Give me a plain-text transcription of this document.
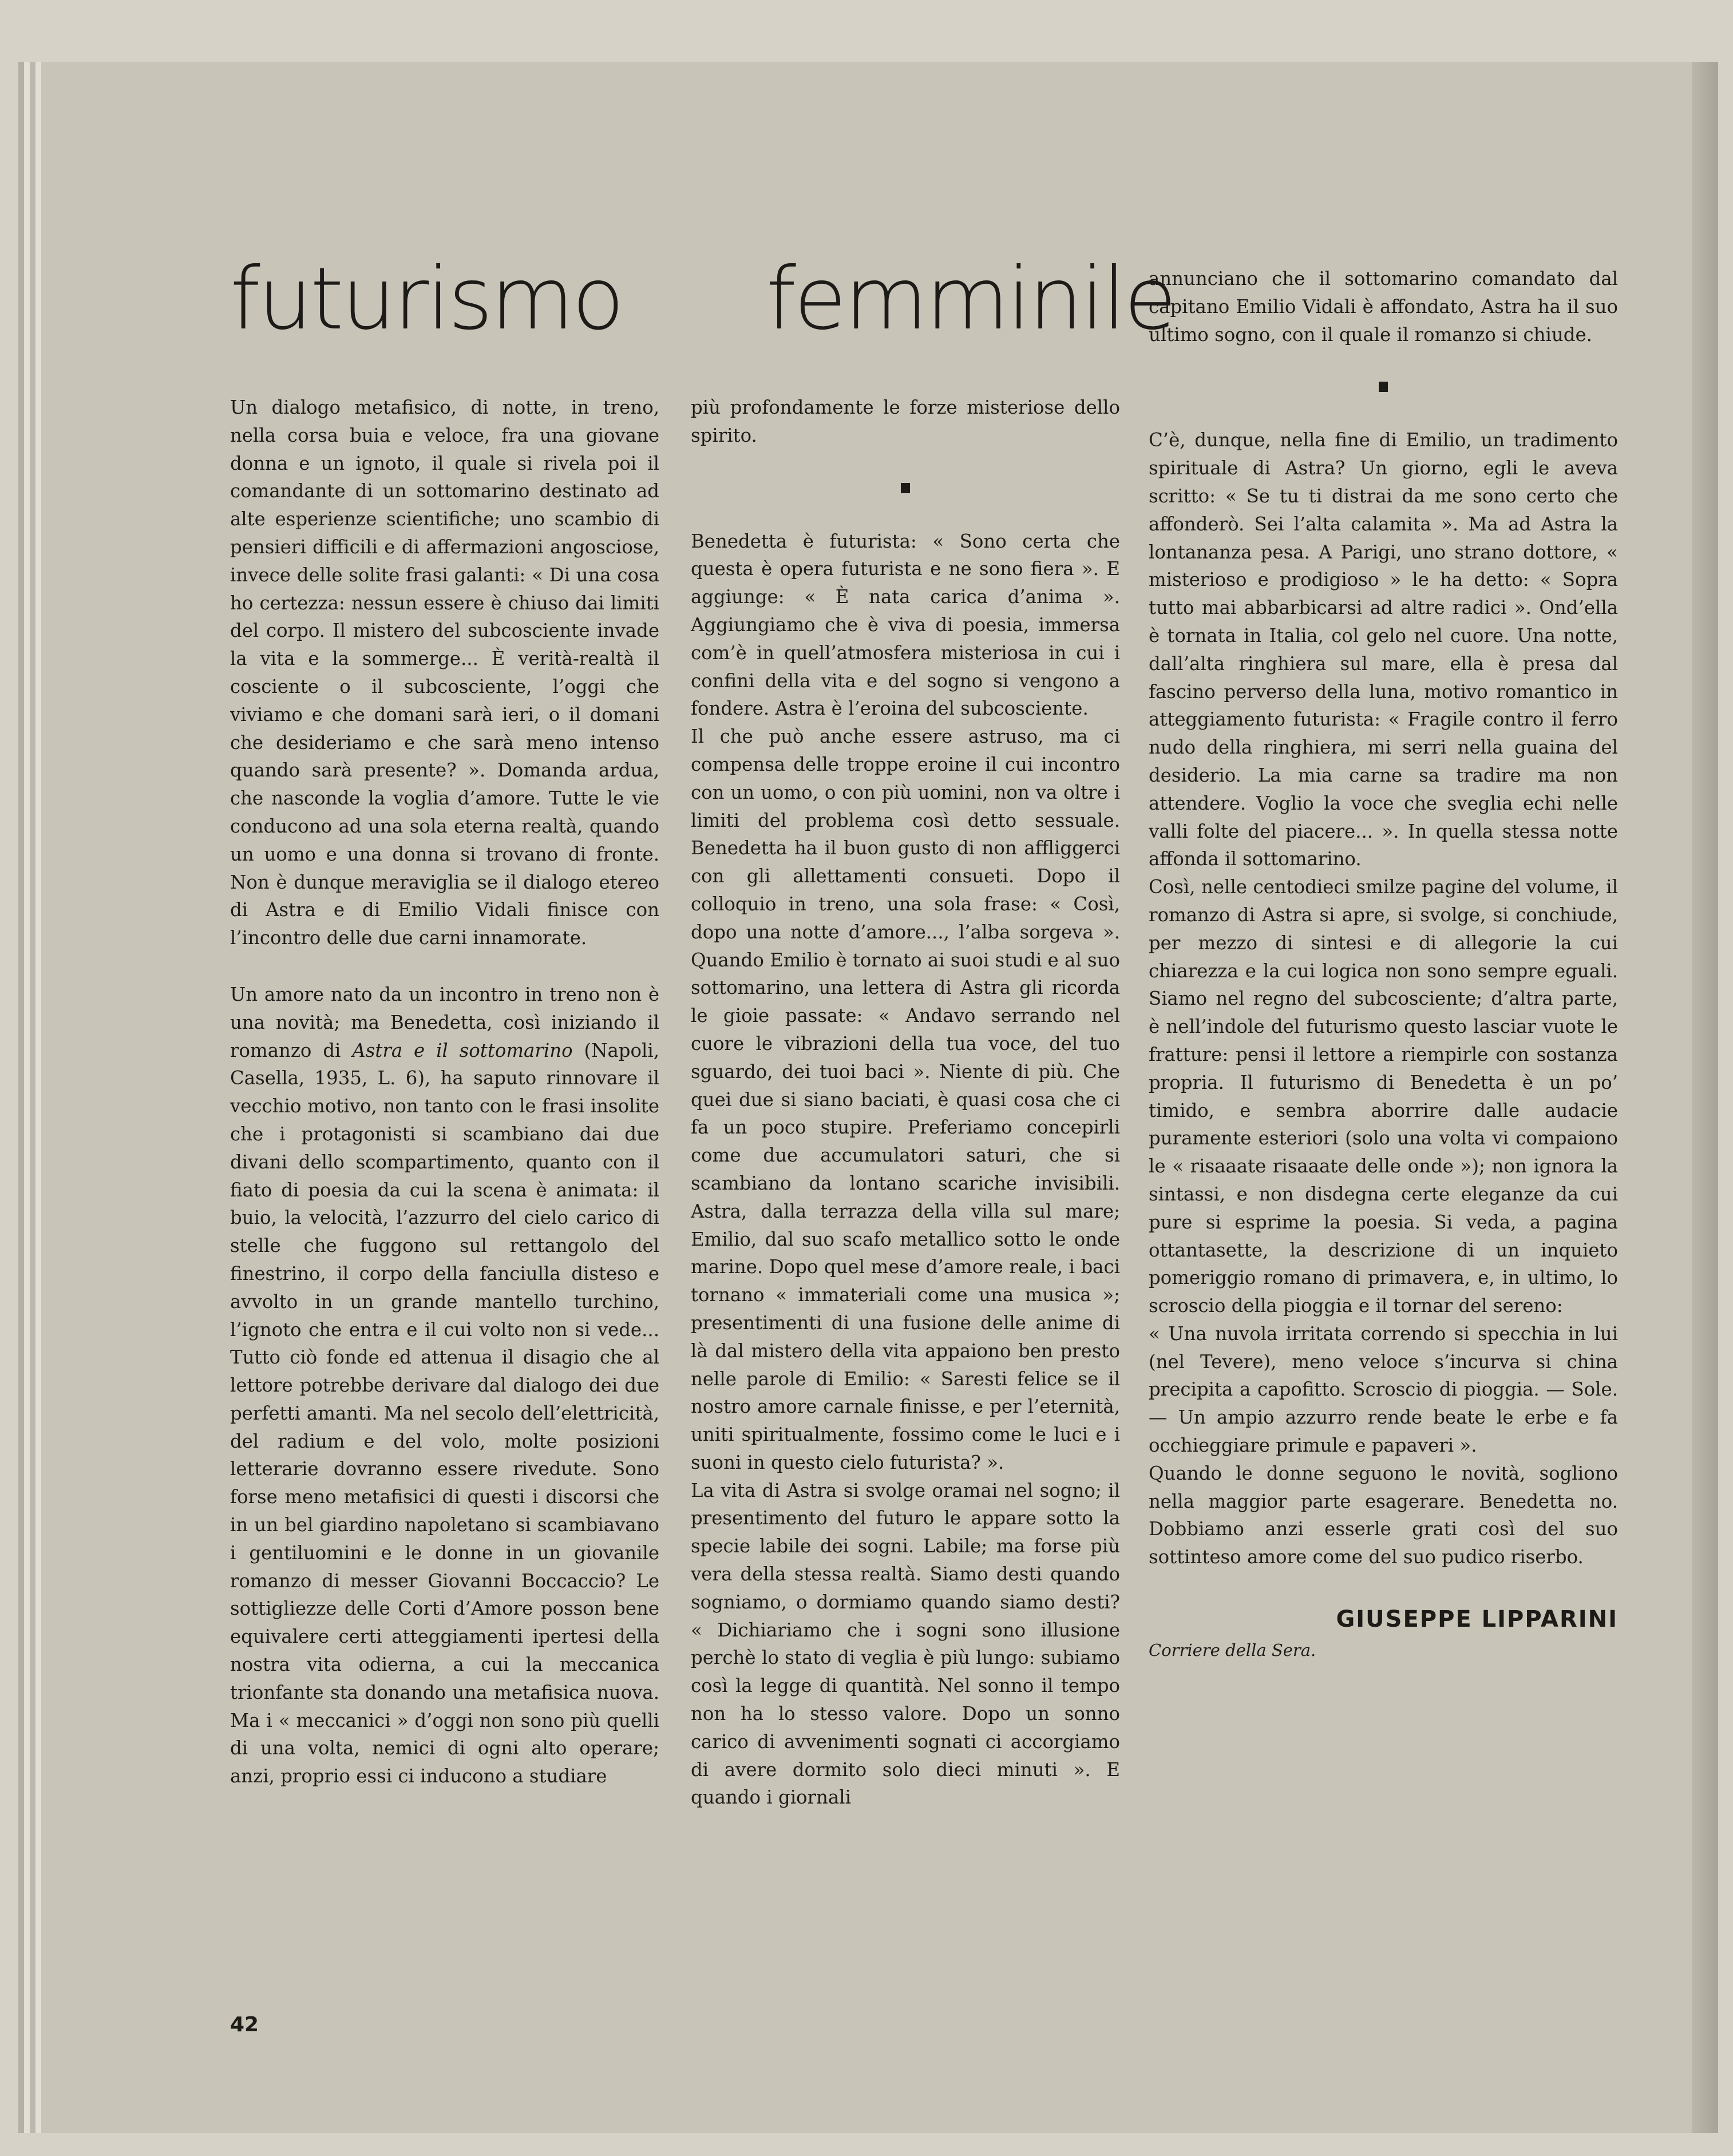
futurismo femminile

Un dialogo metafisico, di notte, in treno, nella corsa buia e veloce, fra una giovane donna e un ignoto, il quale si rivela poi il comandante di un sottomarino destinato ad alte esperienze scientifiche; uno scambio di pensieri difficili e di affermazioni angosciose, invece delle solite frasi galanti: « Di una cosa ho certezza: nessun essere è chiuso dai limiti del corpo. Il mistero del subcosciente invade la vita e la sommerge... È verità-realtà il cosciente o il subcosciente, l’oggi che viviamo e che domani sarà ieri, o il domani che desideriamo e che sarà meno intenso quando sarà presente? ». Domanda ardua, che nasconde la voglia d’amore. Tutte le vie conducono ad una sola eterna realtà, quando un uomo e una donna si trovano di fronte. Non è dunque meraviglia se il dialogo etereo di Astra e di Emilio Vidali finisce con l’incontro delle due carni innamorate.

Un amore nato da un incontro in treno non è una novità; ma Benedetta, così iniziando il romanzo di Astra e il sottomarino (Napoli, Casella, 1935, L. 6), ha saputo rinnovare il vecchio motivo, non tanto con le frasi insolite che i protagonisti si scambiano dai due divani dello scompartimento, quanto con il fiato di poesia da cui la scena è animata: il buio, la velocità, l’azzurro del cielo carico di stelle che fuggono sul rettangolo del finestrino, il corpo della fanciulla disteso e avvolto in un grande mantello turchino, l’ignoto che entra e il cui volto non si vede... Tutto ciò fonde ed attenua il disagio che al lettore potrebbe derivare dal dialogo dei due perfetti amanti. Ma nel secolo dell’elettricità, del radium e del volo, molte posizioni letterarie dovranno essere rivedute. Sono forse meno metafisici di questi i discorsi che in un bel giardino napoletano si scambiavano i gentiluomini e le donne in un giovanile romanzo di messer Giovanni Boccaccio? Le sottigliezze delle Corti d’Amore posson bene equivalere certi atteggiamenti ipertesi della nostra vita odierna, a cui la meccanica trionfante sta donando una metafisica nuova. Ma i « meccanici » d’oggi non sono più quelli di una volta, nemici di ogni alto operare; anzi, proprio essi ci inducono a studiare

più profondamente le forze misteriose dello spirito.

Benedetta è futurista: « Sono certa che questa è opera futurista e ne sono fiera ». E aggiunge: « È nata carica d’anima ». Aggiungiamo che è viva di poesia, immersa com’è in quell’atmosfera misteriosa in cui i confini della vita e del sogno si vengono a fondere. Astra è l’eroina del subcosciente.

Il che può anche essere astruso, ma ci compensa delle troppe eroine il cui incontro con un uomo, o con più uomini, non va oltre i limiti del problema così detto sessuale. Benedetta ha il buon gusto di non affliggerci con gli allettamenti consueti. Dopo il colloquio in treno, una sola frase: « Così, dopo una notte d’amore..., l’alba sorgeva ». Quando Emilio è tornato ai suoi studi e al suo sottomarino, una lettera di Astra gli ricorda le gioie passate: « Andavo serrando nel cuore le vibrazioni della tua voce, del tuo sguardo, dei tuoi baci ». Niente di più. Che quei due si siano baciati, è quasi cosa che ci fa un poco stupire. Preferiamo concepirli come due accumulatori saturi, che si scambiano da lontano scariche invisibili. Astra, dalla terrazza della villa sul mare; Emilio, dal suo scafo metallico sotto le onde marine. Dopo quel mese d’amore reale, i baci tornano « immateriali come una musica »; presentimenti di una fusione delle anime di là dal mistero della vita appaiono ben presto nelle parole di Emilio: « Saresti felice se il nostro amore carnale finisse, e per l’eternità, uniti spiritualmente, fossimo come le luci e i suoni in questo cielo futurista? ».

La vita di Astra si svolge oramai nel sogno; il presentimento del futuro le appare sotto la specie labile dei sogni. Labile; ma forse più vera della stessa realtà. Siamo desti quando sogniamo, o dormiamo quando siamo desti? « Dichiariamo che i sogni sono illusione perchè lo stato di veglia è più lungo: subiamo così la legge di quantità. Nel sonno il tempo non ha lo stesso valore. Dopo un sonno carico di avvenimenti sognati ci accorgiamo di avere dormito solo dieci minuti ». E quando i giornali

annunciano che il sottomarino comandato dal capitano Emilio Vidali è affondato, Astra ha il suo ultimo sogno, con il quale il romanzo si chiude.

C’è, dunque, nella fine di Emilio, un tradimento spirituale di Astra? Un giorno, egli le aveva scritto: « Se tu ti distrai da me sono certo che affonderò. Sei l’alta calamita ». Ma ad Astra la lontananza pesa. A Parigi, uno strano dottore, « misterioso e prodigioso » le ha detto: « Sopra tutto mai abbarbicarsi ad altre radici ». Ond’ella è tornata in Italia, col gelo nel cuore. Una notte, dall’alta ringhiera sul mare, ella è presa dal fascino perverso della luna, motivo romantico in atteggiamento futurista: « Fragile contro il ferro nudo della ringhiera, mi serri nella guaina del desiderio. La mia carne sa tradire ma non attendere. Voglio la voce che sveglia echi nelle valli folte del piacere... ». In quella stessa notte affonda il sottomarino.

Così, nelle centodieci smilze pagine del volume, il romanzo di Astra si apre, si svolge, si conchiude, per mezzo di sintesi e di allegorie la cui chiarezza e la cui logica non sono sempre eguali. Siamo nel regno del subcosciente; d’altra parte, è nell’indole del futurismo questo lasciar vuote le fratture: pensi il lettore a riempirle con sostanza propria. Il futurismo di Benedetta è un po’ timido, e sembra aborrire dalle audacie puramente esteriori (solo una volta vi compaiono le « risaaate risaaate delle onde »); non ignora la sintassi, e non disdegna certe eleganze da cui pure si esprime la poesia. Si veda, a pagina ottantasette, la descrizione di un inquieto pomeriggio romano di primavera, e, in ultimo, lo scroscio della pioggia e il tornar del sereno:

« Una nuvola irritata correndo si specchia in lui (nel Tevere), meno veloce s’incurva si china precipita a capofitto. Scroscio di pioggia. — Sole. — Un ampio azzurro rende beate le erbe e fa occhieggiare primule e papaveri ».

Quando le donne seguono le novità, sogliono nella maggior parte esagerare. Benedetta no. Dobbiamo anzi esserle grati così del suo sottinteso amore come del suo pudico riserbo.

GIUSEPPE LIPPARINI
Corriere della Sera.
42
